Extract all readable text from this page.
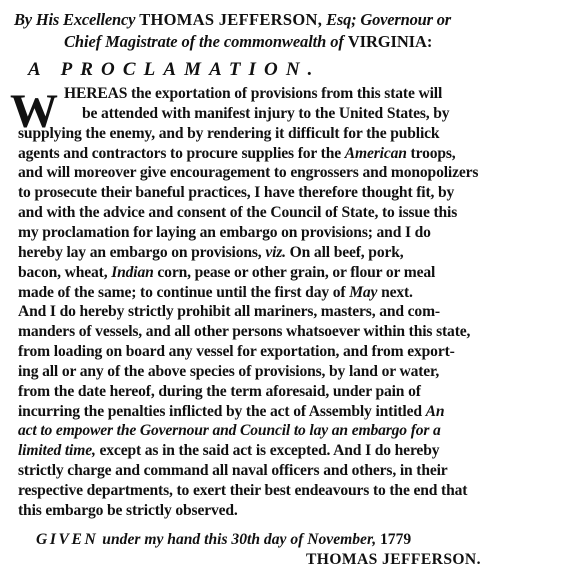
By His Excellency THOMAS JEFFERSON, Esq; Governour or
Chief Magistrate of the commonwealth of VIRGINIA:
A PROCLAMATION.
W HEREAS the exportation of provisions from this state will
be attended with manifest injury to the United States, by
supplying the enemy, and by rendering it difficult for the publick
agents and contractors to procure supplies for the American troops,
and will moreover give encouragement to engrossers and monopolizers
to prosecute their baneful practices, I have therefore thought fit, by
and with the advice and consent of the Council of State, to issue this
my proclamation for laying an embargo on provisions; and I do
hereby lay an embargo on provisions, viz. On all beef, pork,
bacon, wheat, Indian corn, pease or other grain, or flour or meal
made of the same; to continue until the first day of May next.
And I do hereby strictly prohibit all mariners, masters, and com-
manders of vessels, and all other persons whatsoever within this state,
from loading on board any vessel for exportation, and from export-
ing all or any of the above species of provisions, by land or water,
from the date hereof, during the term aforesaid, under pain of
incurring the penalties inflicted by the act of Assembly intitled An
act to empower the Governour and Council to lay an embargo for a
limited time, except as in the said act is excepted. And I do hereby
strictly charge and command all naval officers and others, in their
respective departments, to exert their best endeavours to the end that
this embargo be strictly observed.
GIVEN under my hand this 30th day of November, 1779
THOMAS JEFFERSON.
